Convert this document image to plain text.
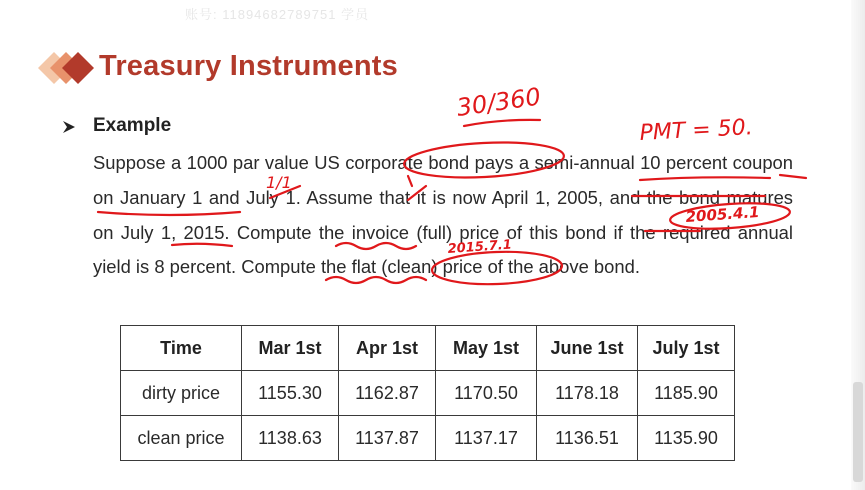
账号: 11894682789751 学员
Treasury Instruments
Example

Suppose a 1000 par value US corporate bond pays a semi-annual 10 percent coupon on January 1 and July 1. Assume that it is now April 1, 2005, and the bond matures on July 1, 2015. Compute the invoice (full) price of this bond if the required annual yield is 8 percent. Compute the flat (clean) price of the above bond.

30/360
PMT = 50.
1/1
2005.4.1
2015.7.1
Time	Mar 1st	Apr 1st	May 1st	June 1st	July 1st
dirty price	1155.30	1162.87	1170.50	1178.18	1185.90
clean price	1138.63	1137.87	1137.17	1136.51	1135.90
